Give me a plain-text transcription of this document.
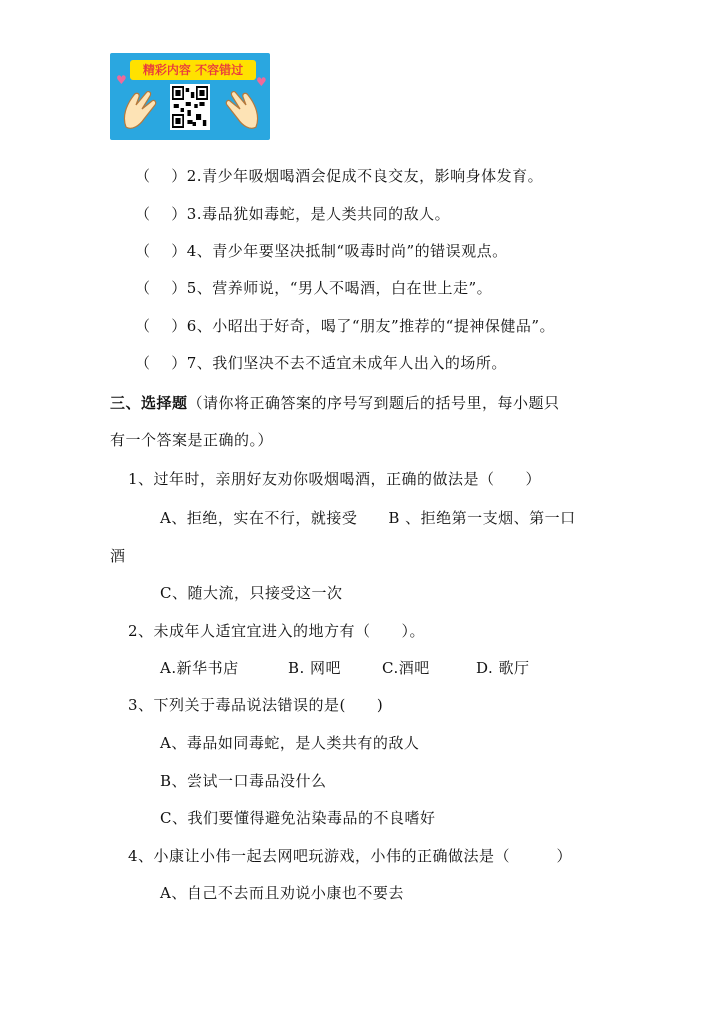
精彩内容 不容错过
♥	♥
（　 ）2.青少年吸烟喝酒会促成不良交友，影响身体发育。
（　 ）3.毒品犹如毒蛇，是人类共同的敌人。
（　 ）4、青少年要坚决抵制“吸毒时尚”的错误观点。
（　 ）5、营养师说，“男人不喝酒，白在世上走”。
（　 ）6、小昭出于好奇，喝了“朋友”推荐的“提神保健品”。
（　 ）7、我们坚决不去不适宜未成年人出入的场所。
三、选择题（请你将正确答案的序号写到题后的括号里，每小题只
有一个答案是正确的。）
1、过年时，亲朋好友劝你吸烟喝酒，正确的做法是（　　）
A、拒绝，实在不行，就接受　　B 、拒绝第一支烟、第一口
酒
C、随大流，只接受这一次
2、未成年人适宜宜进入的地方有（　　）。
A.新华书店	B. 网吧	C.酒吧	D. 歌厅
3、下列关于毒品说法错误的是(　　)
A、毒品如同毒蛇，是人类共有的敌人
B、尝试一口毒品没什么
C、我们要懂得避免沾染毒品的不良嗜好
4、小康让小伟一起去网吧玩游戏，小伟的正确做法是（　　　）
A、自己不去而且劝说小康也不要去
